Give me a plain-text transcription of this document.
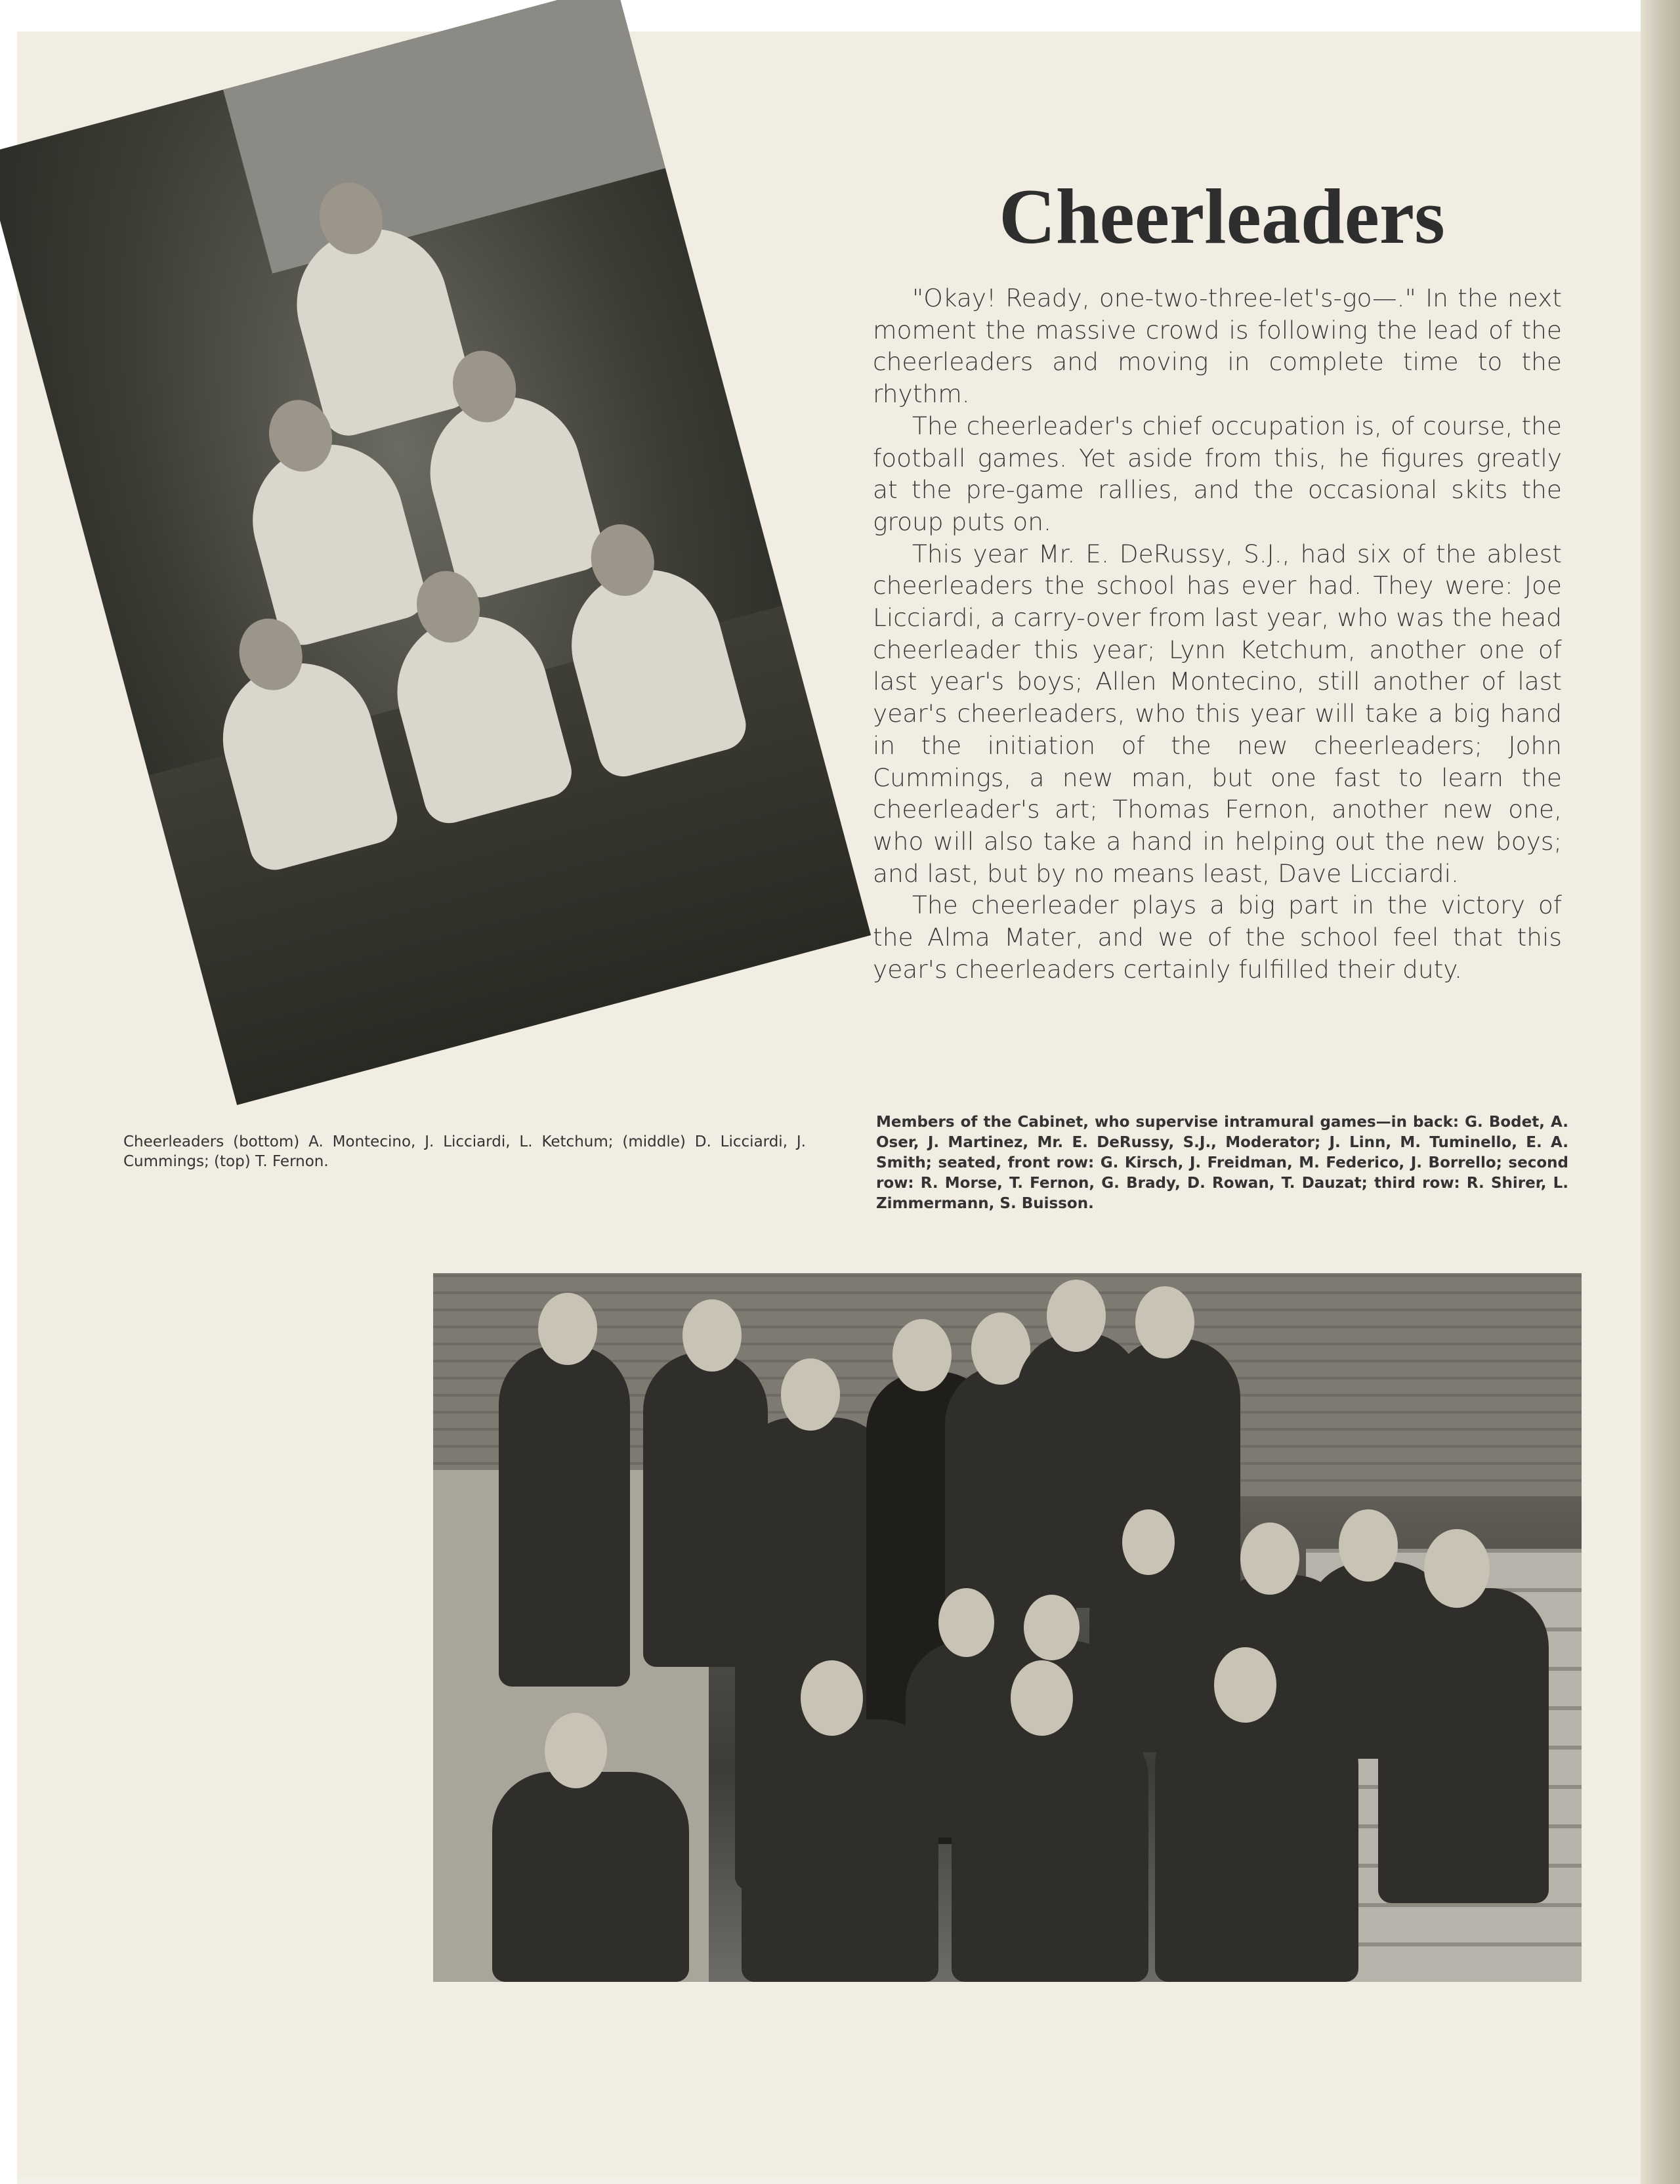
Cheerleaders

"Okay! Ready, one-two-three-let's-go—." In the next moment the massive crowd is following the lead of the cheerleaders and moving in complete time to the rhythm.

The cheerleader's chief occupation is, of course, the football games. Yet aside from this, he figures greatly at the pre-game rallies, and the occasional skits the group puts on.

This year Mr. E. DeRussy, S.J., had six of the ablest cheerleaders the school has ever had. They were: Joe Licciardi, a carry-over from last year, who was the head cheerleader this year; Lynn Ketchum, another one of last year's boys; Allen Montecino, still another of last year's cheerleaders, who this year will take a big hand in the initiation of the new cheerleaders; John Cummings, a new man, but one fast to learn the cheerleader's art; Thomas Fernon, another new one, who will also take a hand in helping out the new boys; and last, but by no means least, Dave Licciardi.

The cheerleader plays a big part in the victory of the Alma Mater, and we of the school feel that this year's cheerleaders certainly fulfilled their duty.

Cheerleaders (bottom) A. Montecino, J. Licciardi, L. Ketchum; (middle) D. Licciardi, J. Cummings; (top) T. Fernon.
Members of the Cabinet, who supervise intramural games—in back: G. Bodet, A. Oser, J. Martinez, Mr. E. DeRussy, S.J., Moderator; J. Linn, M. Tuminello, E. A. Smith; seated, front row: G. Kirsch, J. Freidman, M. Federico, J. Borrello; second row: R. Morse, T. Fernon, G. Brady, D. Rowan, T. Dauzat; third row: R. Shirer, L. Zimmermann, S. Buisson.
